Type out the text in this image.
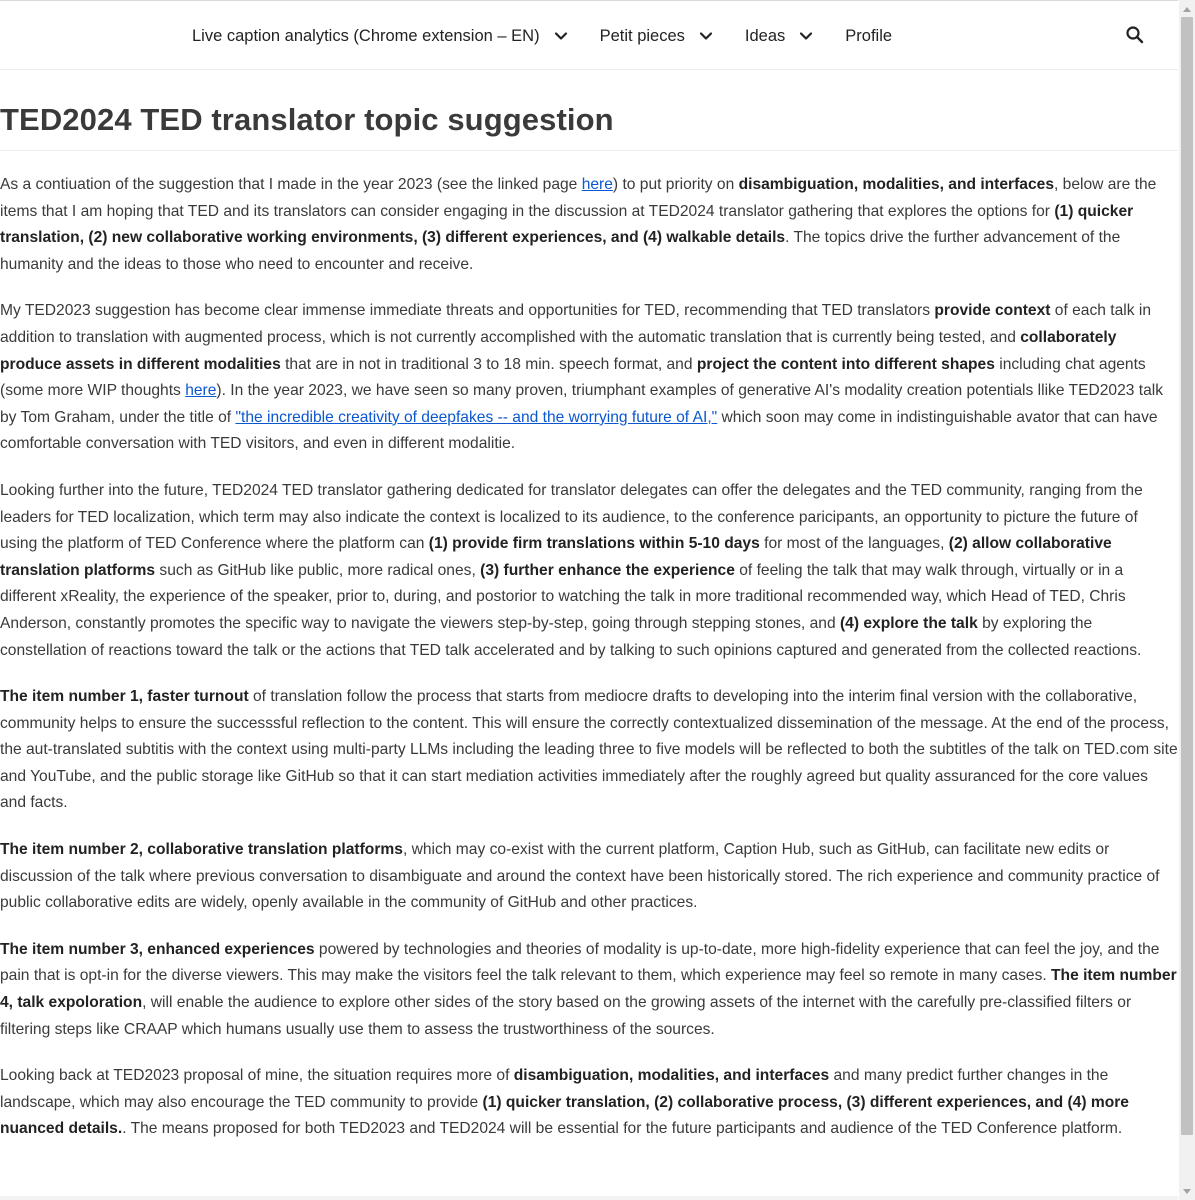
Live caption analytics (Chrome extension – EN)	Petit pieces	Ideas	Profile
TED2024 TED translator topic suggestion

As a contiuation of the suggestion that I made in the year 2023 (see the linked page here) to put priority on disambiguation, modalities, and interfaces, below are the items that I am hoping that TED and its translators can consider engaging in the discussion at TED2024 translator gathering that explores the options for (1) quicker translation, (2) new collaborative working environments, (3) different experiences, and (4) walkable details. The topics drive the further advancement of the humanity and the ideas to those who need to encounter and receive.

My TED2023 suggestion has become clear immense immediate threats and opportunities for TED, recommending that TED translators provide context of each talk in addition to translation with augmented process, which is not currently accomplished with the automatic translation that is currently being tested, and collaborately produce assets in different modalities that are in not in traditional 3 to 18 min. speech format, and project the content into different shapes including chat agents (some more WIP thoughts here). In the year 2023, we have seen so many proven, triumphant examples of generative AI's modality creation potentials llike TED2023 talk by Tom Graham, under the title of "the incredible creativity of deepfakes -- and the worrying future of AI," which soon may come in indistinguishable avator that can have comfortable conversation with TED visitors, and even in different modalitie.

Looking further into the future, TED2024 TED translator gathering dedicated for translator delegates can offer the delegates and the TED community, ranging from the leaders for TED localization, which term may also indicate the context is localized to its audience, to the conference paricipants, an opportunity to picture the future of using the platform of TED Conference where the platform can (1) provide firm translations within 5-10 days for most of the languages, (2) allow collaborative translation platforms such as GitHub like public, more radical ones, (3) further enhance the experience of feeling the talk that may walk through, virtually or in a different xReality, the experience of the speaker, prior to, during, and postorior to watching the talk in more traditional recommended way, which Head of TED, Chris Anderson, constantly promotes the specific way to navigate the viewers step-by-step, going through stepping stones, and (4) explore the talk by exploring the constellation of reactions toward the talk or the actions that TED talk accelerated and by talking to such opinions captured and generated from the collected reactions.

The item number 1, faster turnout of translation follow the process that starts from mediocre drafts to developing into the interim final version with the collaborative, community helps to ensure the successsful reflection to the content. This will ensure the correctly contextualized dissemination of the message. At the end of the process, the aut-translated subtitis with the context using multi-party LLMs including the leading three to five models will be reflected to both the subtitles of the talk on TED.com site and YouTube, and the public storage like GitHub so that it can start mediation activities immediately after the roughly agreed but quality assuranced for the core values and facts.

The item number 2, collaborative translation platforms, which may co-exist with the current platform, Caption Hub, such as GitHub, can facilitate new edits or discussion of the talk where previous conversation to disambiguate and around the context have been historically stored. The rich experience and community practice of public collaborative edits are widely, openly available in the community of GitHub and other practices.

The item number 3, enhanced experiences powered by technologies and theories of modality is up-to-date, more high-fidelity experience that can feel the joy, and the pain that is opt-in for the diverse viewers. This may make the visitors feel the talk relevant to them, which experience may feel so remote in many cases. The item number 4, talk expoloration, will enable the audience to explore other sides of the story based on the growing assets of the internet with the carefully pre-classified filters or filtering steps like CRAAP which humans usually use them to assess the trustworthiness of the sources.

Looking back at TED2023 proposal of mine, the situation requires more of disambiguation, modalities, and interfaces and many predict further changes in the landscape, which may also encourage the TED community to provide (1) quicker translation, (2) collaborative process, (3) different experiences, and (4) more nuanced details.. The means proposed for both TED2023 and TED2024 will be essential for the future participants and audience of the TED Conference platform.
